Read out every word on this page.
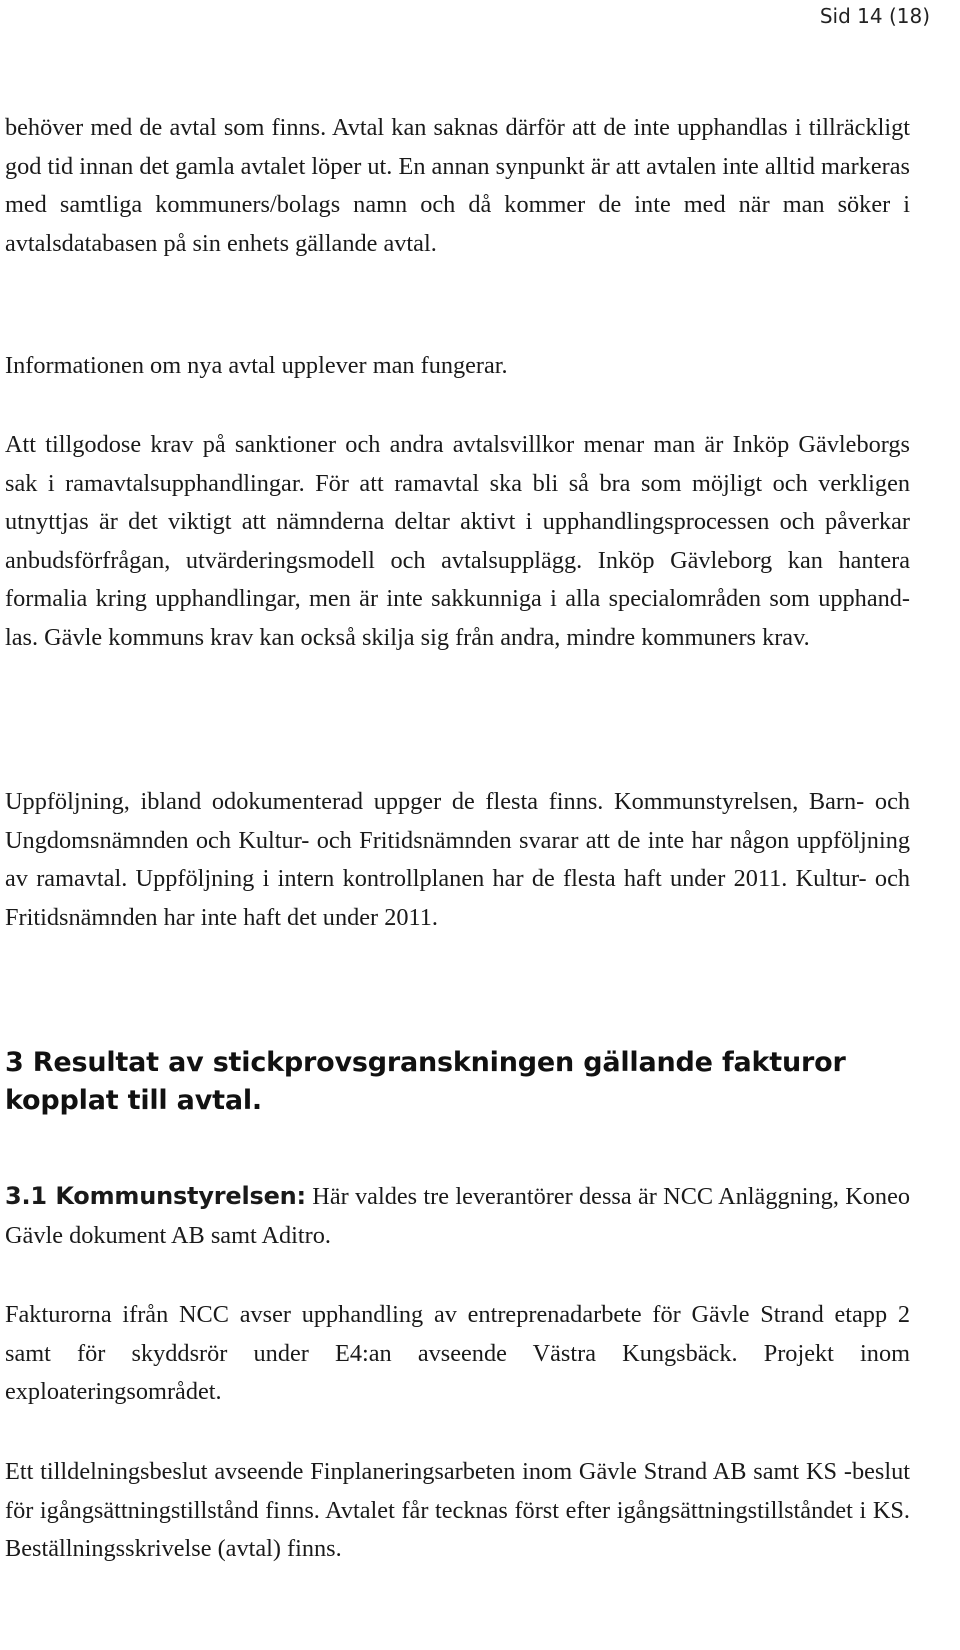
Sid 14 (18)

behöver med de avtal som finns. Avtal kan saknas därför att de inte upphandlas i tillräckligt god tid innan det gamla avtalet löper ut. En annan synpunkt är att avtalen inte alltid markeras med samtliga kommuners/bolags namn och då kommer de inte med när man söker i avtalsdatabasen på sin enhets gällande avtal.

Informationen om nya avtal upplever man fungerar.

Att tillgodose krav på sanktioner och andra avtalsvillkor menar man är Inköp Gävleborgs sak i ramavtalsupphandlingar. För att ramavtal ska bli så bra som möjligt och verkligen utnyttjas är det viktigt att nämnderna deltar aktivt i upphandlingsprocessen och påverkar anbudsförfrågan, utvärderingsmodell och avtalsupplägg. Inköp Gävleborg kan hantera formalia kring upphandlingar, men är inte sakkunniga i alla specialområden som upphandlas. Gävle kommuns krav kan också skilja sig från andra, mindre kommuners krav.

Uppföljning, ibland odokumenterad uppger de flesta finns. Kommunstyrelsen, Barn- och Ungdomsnämnden och Kultur- och Fritidsnämnden svarar att de inte har någon uppföljning av ramavtal. Uppföljning i intern kontrollplanen har de flesta haft under 2011. Kultur- och Fritidsnämnden har inte haft det under 2011.

3 Resultat av stickprovsgranskningen gällande fakturor kopplat till avtal.

3.1 Kommunstyrelsen: Här valdes tre leverantörer dessa är NCC Anläggning, Koneo Gävle dokument AB samt Aditro.

Fakturorna ifrån NCC avser upphandling av entreprenadarbete för Gävle Strand etapp 2 samt för skyddsrör under E4:an avseende Västra Kungsbäck. Projekt inom exploateringsområdet.

Ett tilldelningsbeslut avseende Finplaneringsarbeten inom Gävle Strand AB samt KS -beslut för igångsättningstillstånd finns. Avtalet får tecknas först efter igångsättningstillståndet i KS. Beställningsskrivelse (avtal) finns.
